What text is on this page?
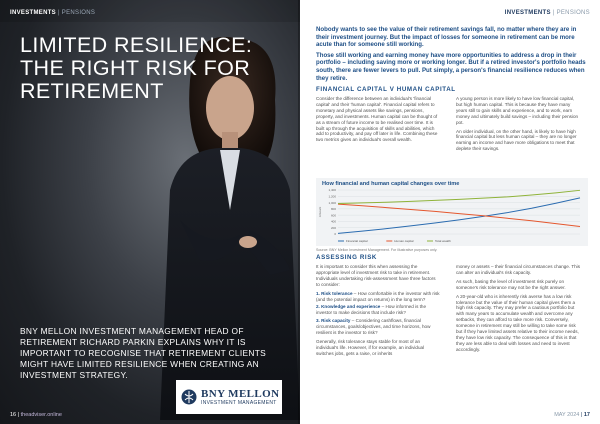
INVESTMENTS | PENSIONS
LIMITED RESILIENCE: THE RIGHT RISK FOR RETIREMENT

BNY MELLON INVESTMENT MANAGEMENT HEAD OF RETIREMENT RICHARD PARKIN EXPLAINS WHY IT IS IMPORTANT TO RECOGNISE THAT RETIREMENT CLIENTS MIGHT HAVE LIMITED RESILIENCE WHEN CREATING AN INVESTMENT STRATEGY.

BNY MELLON
INVESTMENT MANAGEMENT
16 | theadviser.online
INVESTMENTS | PENSIONS

Nobody wants to see the value of their retirement savings fall, no matter where they are in their investment journey. But the impact of losses for someone in retirement can be more acute than for someone still working.

Those still working and earning money have more opportunities to address a drop in their portfolio – including saving more or working longer. But if a retired investor's portfolio heads south, there are fewer levers to pull. Put simply, a person's financial resilience reduces when they retire.

FINANCIAL CAPITAL V HUMAN CAPITAL

Consider the difference between an individual's 'financial capital' and their 'human capital'. Financial capital refers to monetary and physical assets like savings, pensions, property, and investments. Human capital can be thought of as a stream of future income to be realised over time. It is built up through the acquisition of skills and abilities, which add to productivity, and pay off later in life. Combining these two metrics gives an individual's overall wealth.

A young person is more likely to have low financial capital, but high human capital. This is because they have many years still to gain skills and experience, and to work, earn money and ultimately build savings – including their pension pot.

An older individual, on the other hand, is likely to have high financial capital but less human capital – they are no longer earning an income and have more obligations to meet that deplete their savings.

How financial and human capital changes over time
1,400
1,200
1,000
800
600
400
200
0
Amount
Financial capital	Human capital	Total wealth
Source: BNY Mellon Investment Management. For illustrative purposes only.
ASSESSING RISK

It is important to consider this when assessing the appropriate level of investment risk to take in retirement. Individuals undertaking risk-assessment have three factors to consider:

1. Risk tolerance – How comfortable is the investor with risk (and the potential impact on returns) in the long term?
2. Knowledge and experience – How informed is the investor to make decisions that include risk?
3. Risk capacity – Considering cashflows, financial circumstances, goals/objectives, and time horizons, how resilient is the investor to risk?

Generally, risk tolerance stays stable for most of an individual's life. However, if for example, an individual switches jobs, gets a raise, or inherits

money or assets – their financial circumstances change. This can alter an individual's risk capacity.

As such, basing the level of investment risk purely on someone's risk tolerance may not be the right answer.

A 20-year-old who is inherently risk averse has a low risk tolerance but the value of their human capital gives them a high risk capacity. They may prefer a cautious portfolio but with many years to accumulate wealth and overcome any setbacks, they can afford to take more risk. Conversely, someone in retirement may still be willing to take some risk but if they have limited assets relative to their income needs, they have low risk capacity. The consequence of this is that they are less able to deal with losses and need to invest accordingly.

MAY 2024 | 17
